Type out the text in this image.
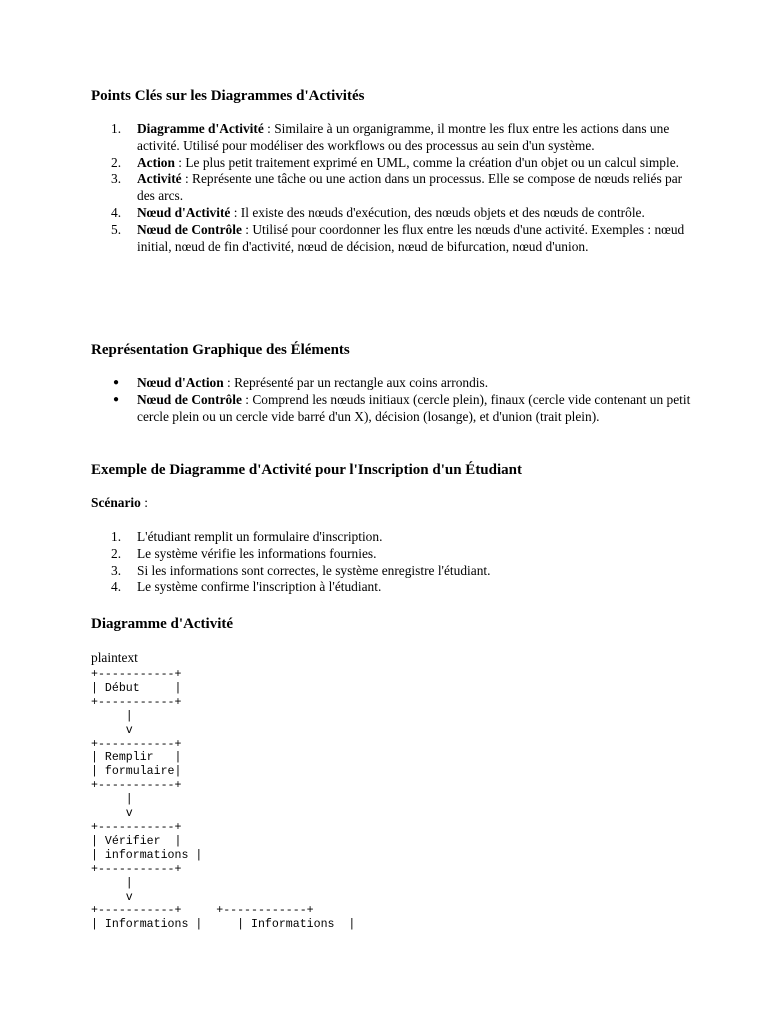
Points Clés sur les Diagrammes d'Activités
1. Diagramme d'Activité : Similaire à un organigramme, il montre les flux entre les actions dans une activité. Utilisé pour modéliser des workflows ou des processus au sein d'un système.
2. Action : Le plus petit traitement exprimé en UML, comme la création d'un objet ou un calcul simple.
3. Activité : Représente une tâche ou une action dans un processus. Elle se compose de nœuds reliés par des arcs.
4. Nœud d'Activité : Il existe des nœuds d'exécution, des nœuds objets et des nœuds de contrôle.
5. Nœud de Contrôle : Utilisé pour coordonner les flux entre les nœuds d'une activité. Exemples : nœud initial, nœud de fin d'activité, nœud de décision, nœud de bifurcation, nœud d'union.
Représentation Graphique des Éléments
● Nœud d'Action : Représenté par un rectangle aux coins arrondis.
● Nœud de Contrôle : Comprend les nœuds initiaux (cercle plein), finaux (cercle vide contenant un petit cercle plein ou un cercle vide barré d'un X), décision (losange), et d'union (trait plein).
Exemple de Diagramme d'Activité pour l'Inscription d'un Étudiant

Scénario :

1. L'étudiant remplit un formulaire d'inscription.
2. Le système vérifie les informations fournies.
3. Si les informations sont correctes, le système enregistre l'étudiant.
4. Le système confirme l'inscription à l'étudiant.
Diagramme d'Activité

plaintext

+-----------+
| Début     |
+-----------+
|
v
+-----------+
| Remplir   |
| formulaire|
+-----------+
|
v
+-----------+
| Vérifier  |
| informations |
+-----------+
|
v
+-----------+     +------------+
| Informations |     | Informations  |
